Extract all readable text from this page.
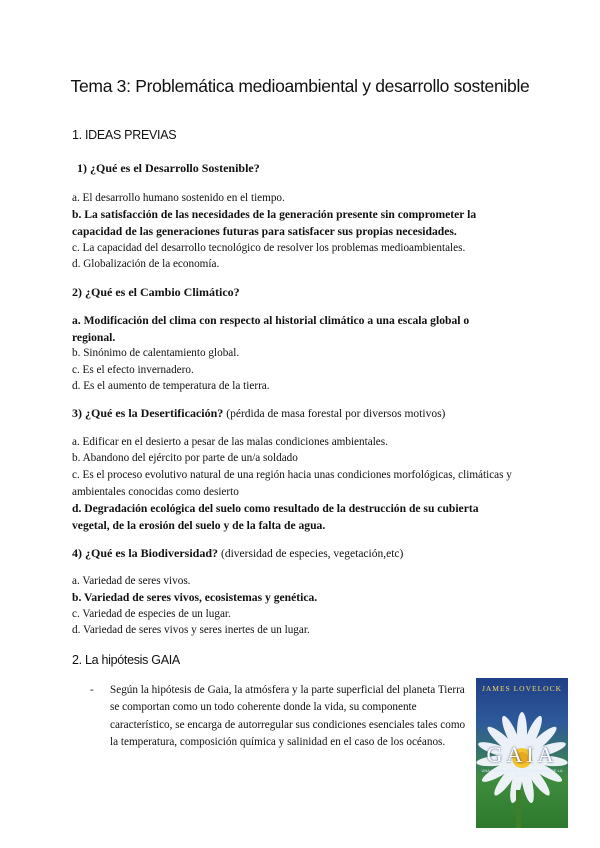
Tema 3: Problemática medioambiental y desarrollo sostenible
1. IDEAS PREVIAS
1) ¿Qué es el Desarrollo Sostenible?
a. El desarrollo humano sostenido en el tiempo.
b. La satisfacción de las necesidades de la generación presente sin comprometer la capacidad de las generaciones futuras para satisfacer sus propias necesidades.
c. La capacidad del desarrollo tecnológico de resolver los problemas medioambientales.
d. Globalización de la economía.
2) ¿Qué es el Cambio Climático?
a. Modificación del clima con respecto al historial climático a una escala global o regional.
b. Sinónimo de calentamiento global.
c. Es el efecto invernadero.
d. Es el aumento de temperatura de la tierra.
3) ¿Qué es la Desertificación? (pérdida de masa forestal por diversos motivos)
a. Edificar en el desierto a pesar de las malas condiciones ambientales.
b. Abandono del ejército por parte de un/a soldado
c. Es el proceso evolutivo natural de una región hacia unas condiciones morfológicas, climáticas y ambientales conocidas como desierto
d. Degradación ecológica del suelo como resultado de la destrucción de su cubierta vegetal, de la erosión del suelo y de la falta de agua.
4) ¿Qué es la Biodiversidad? (diversidad de especies, vegetación,etc)
a. Variedad de seres vivos.
b. Variedad de seres vivos, ecosistemas y genética.
c. Variedad de especies de un lugar.
d. Variedad de seres vivos y seres inertes de un lugar.
2. La hipótesis GAIA
- Según la hipótesis de Gaia, la atmósfera y la parte superficial del planeta Tierra se comportan como un todo coherente donde la vida, su componente característico, se encarga de autorregular sus condiciones esenciales tales como la temperatura, composición química y salinidad en el caso de los océanos.
JAMES LOVELOCK
GAIA
UNA NUEVA VISIÓN DE LA VIDA SOBRE LA TIERRA
